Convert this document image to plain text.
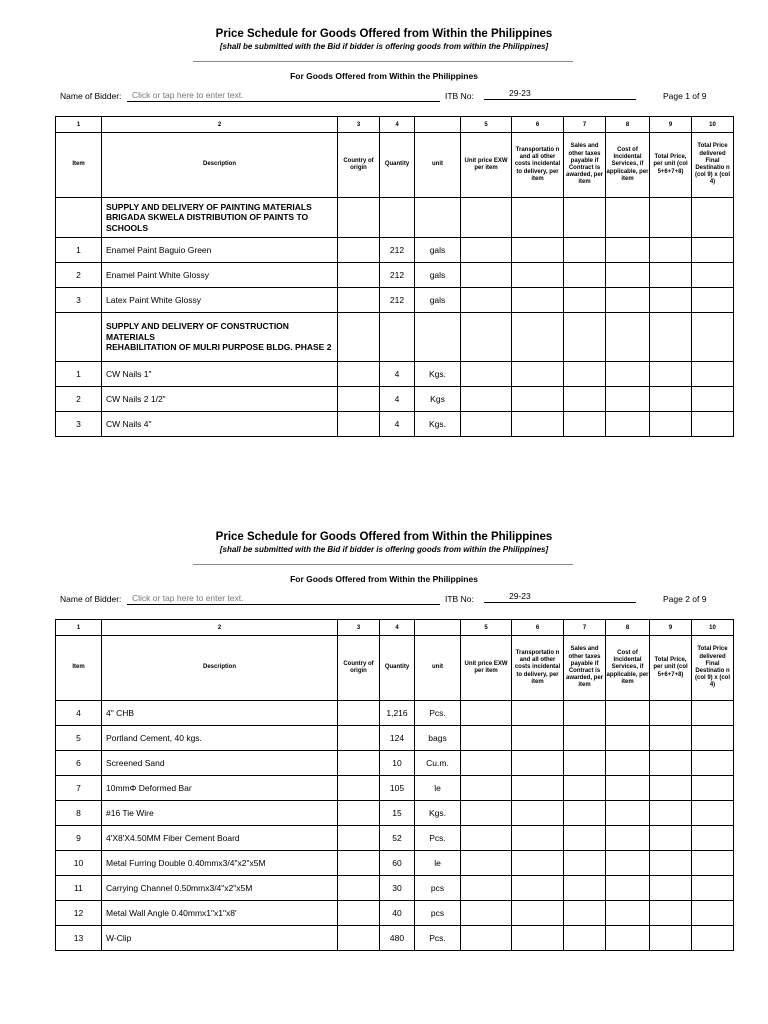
Price Schedule for Goods Offered from Within the Philippines
[shall be submitted with the Bid if bidder is offering goods from within the Philippines]
For Goods Offered from Within the Philippines
Name of Bidder:	Click or tap here to enter text.	ITB No:	29-23	Page 1 of 9
1	2	3	4		5	6	7	8	9	10
Item	Description	Country of origin	Quantity	unit	Unit price EXW per item	Transportatio n and all other costs incidental to delivery, per item	Sales and other taxes payable if Contract is awarded, per item	Cost of Incidental Services, if applicable, per item	Total Price, per unit (col 5+6+7+8)	Total Price delivered Final Destinatio n (col 9) x (col 4)
	SUPPLY AND DELIVERY OF PAINTING MATERIALS BRIGADA SKWELA DISTRIBUTION OF PAINTS TO SCHOOLS									
1	Enamel Paint Baguio Green		212	gals						
2	Enamel Paint White Glossy		212	gals						
3	Latex Paint White Glossy		212	gals						
	SUPPLY AND DELIVERY OF CONSTRUCTION MATERIALS
REHABILITATION OF MULRI PURPOSE BLDG. PHASE 2									
1	CW Nails 1"		4	Kgs.						
2	CW Nails 2 1/2"		4	Kgs						
3	CW Nails 4"		4	Kgs.						
Price Schedule for Goods Offered from Within the Philippines
[shall be submitted with the Bid if bidder is offering goods from within the Philippines]
For Goods Offered from Within the Philippines
Name of Bidder:	Click or tap here to enter text.	ITB No:	29-23	Page 2 of 9
1	2	3	4		5	6	7	8	9	10
Item	Description	Country of origin	Quantity	unit	Unit price EXW per item	Transportatio n and all other costs incidental to delivery, per item	Sales and other taxes payable if Contract is awarded, per item	Cost of Incidental Services, if applicable, per item	Total Price, per unit (col 5+6+7+8)	Total Price delivered Final Destinatio n (col 9) x (col 4)
4	4" CHB		1,216	Pcs.						
5	Portland Cement, 40 kgs.		124	bags						
6	Screened Sand		10	Cu.m.						
7	10mmΦ Deformed Bar		105	le						
8	#16 Tie Wire		15	Kgs.						
9	4'X8'X4.50MM Fiber Cement Board		52	Pcs.						
10	Metal Furring Double 0.40mmx3/4"x2"x5M		60	le						
11	Carrying Channel 0.50mmx3/4"x2"x5M		30	pcs						
12	Metal Wall Angle 0.40mmx1"x1"x8'		40	pcs						
13	W-Clip		480	Pcs.						
